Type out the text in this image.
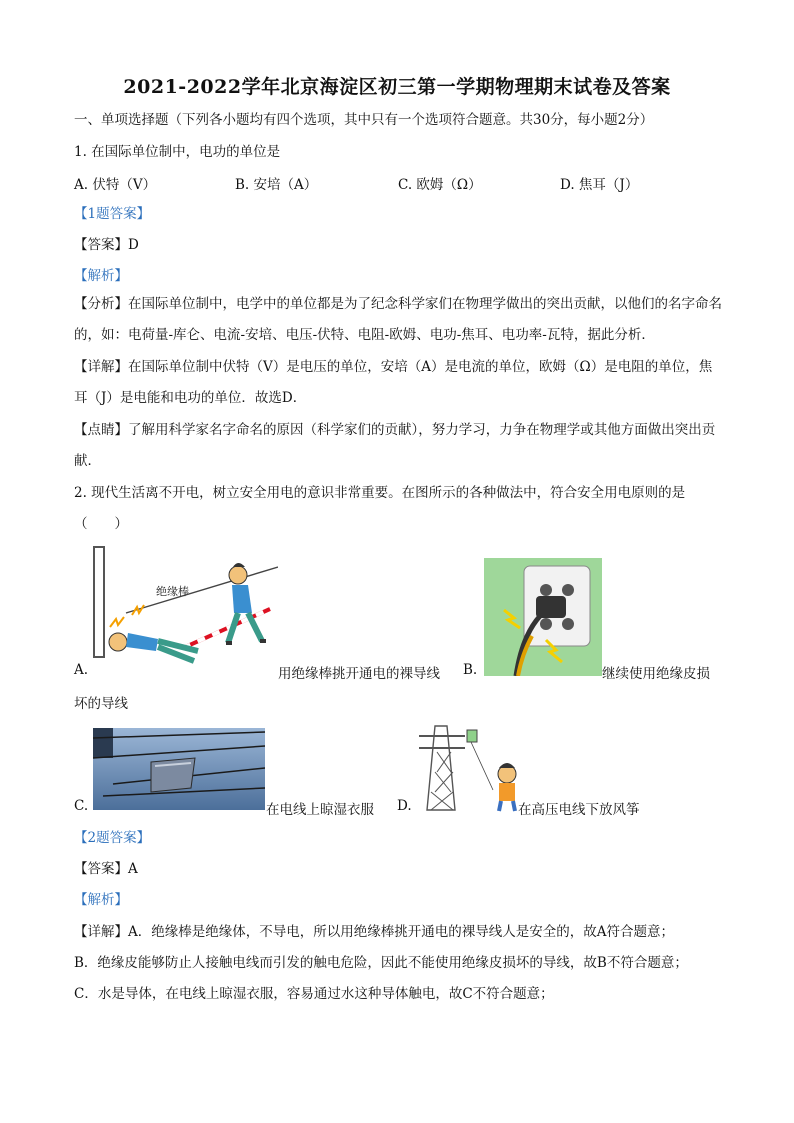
2021-2022学年北京海淀区初三第一学期物理期末试卷及答案
一、单项选择题（下列各小题均有四个选项，其中只有一个选项符合题意。共30分，每小题2分）
1. 在国际单位制中，电功的单位是
A. 伏特（V）	B. 安培（A）	C. 欧姆（Ω）	D. 焦耳（J）
【1题答案】
【答案】D
【解析】
【分析】在国际单位制中，电学中的单位都是为了纪念科学家们在物理学做出的突出贡献，以他们的名字命名的，如：电荷量-库仑、电流-安培、电压-伏特、电阻-欧姆、电功-焦耳、电功率-瓦特，据此分析．
【详解】在国际单位制中伏特（V）是电压的单位，安培（A）是电流的单位，欧姆（Ω）是电阻的单位，焦耳（J）是电能和电功的单位．故选D．
【点睛】了解用科学家名字命名的原因（科学家们的贡献），努力学习，力争在物理学或其他方面做出突出贡献．
2. 现代生活离不开电，树立安全用电的意识非常重要。在图所示的各种做法中，符合安全用电原则的是（　　）
绝缘棒
A.	用绝缘棒挑开通电的裸导线 B.	继续使用绝缘皮损
坏的导线
C.	在电线上晾湿衣服 D.	在高压电线下放风筝
【2题答案】
【答案】A
【解析】
【详解】A．绝缘棒是绝缘体，不导电，所以用绝缘棒挑开通电的裸导线人是安全的，故A符合题意；
B．绝缘皮能够防止人接触电线而引发的触电危险，因此不能使用绝缘皮损坏的导线，故B不符合题意；
C．水是导体，在电线上晾湿衣服，容易通过水这种导体触电，故C不符合题意；
